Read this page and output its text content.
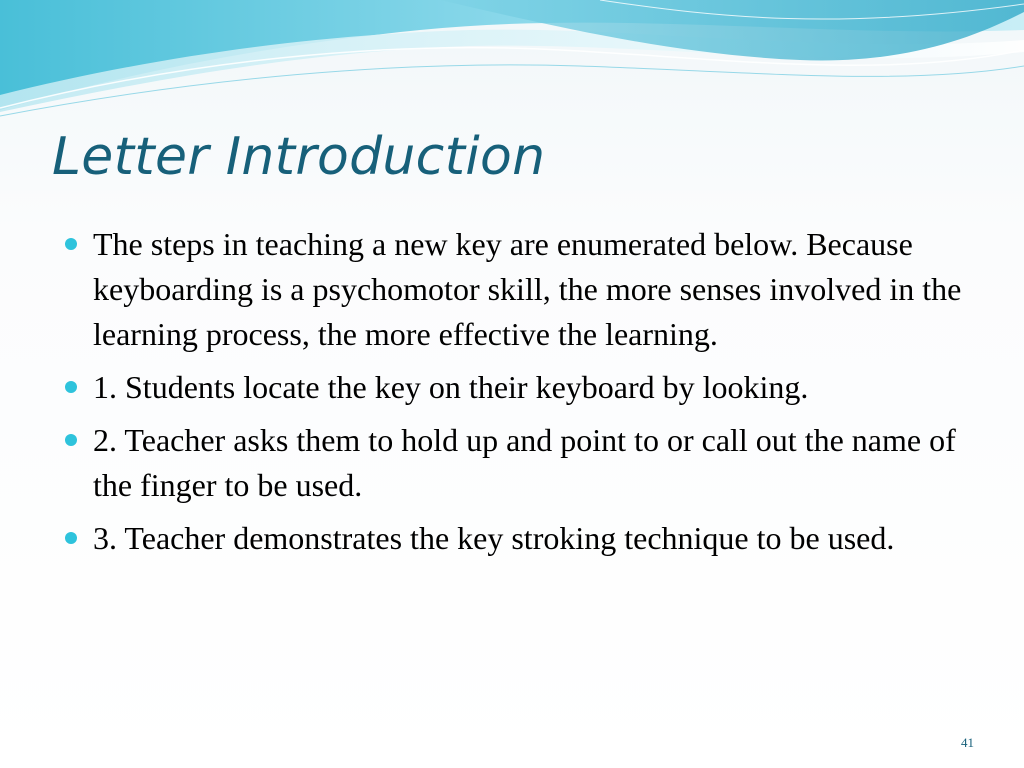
Letter Introduction
The steps in teaching a new key are enumerated below. Because keyboarding is a psychomotor skill, the more senses involved in the learning process, the more effective the learning.
1. Students locate the key on their keyboard by looking.
2. Teacher asks them to hold up and point to or call out the name of the finger to be used.
3. Teacher demonstrates the key stroking technique to be used.
41
